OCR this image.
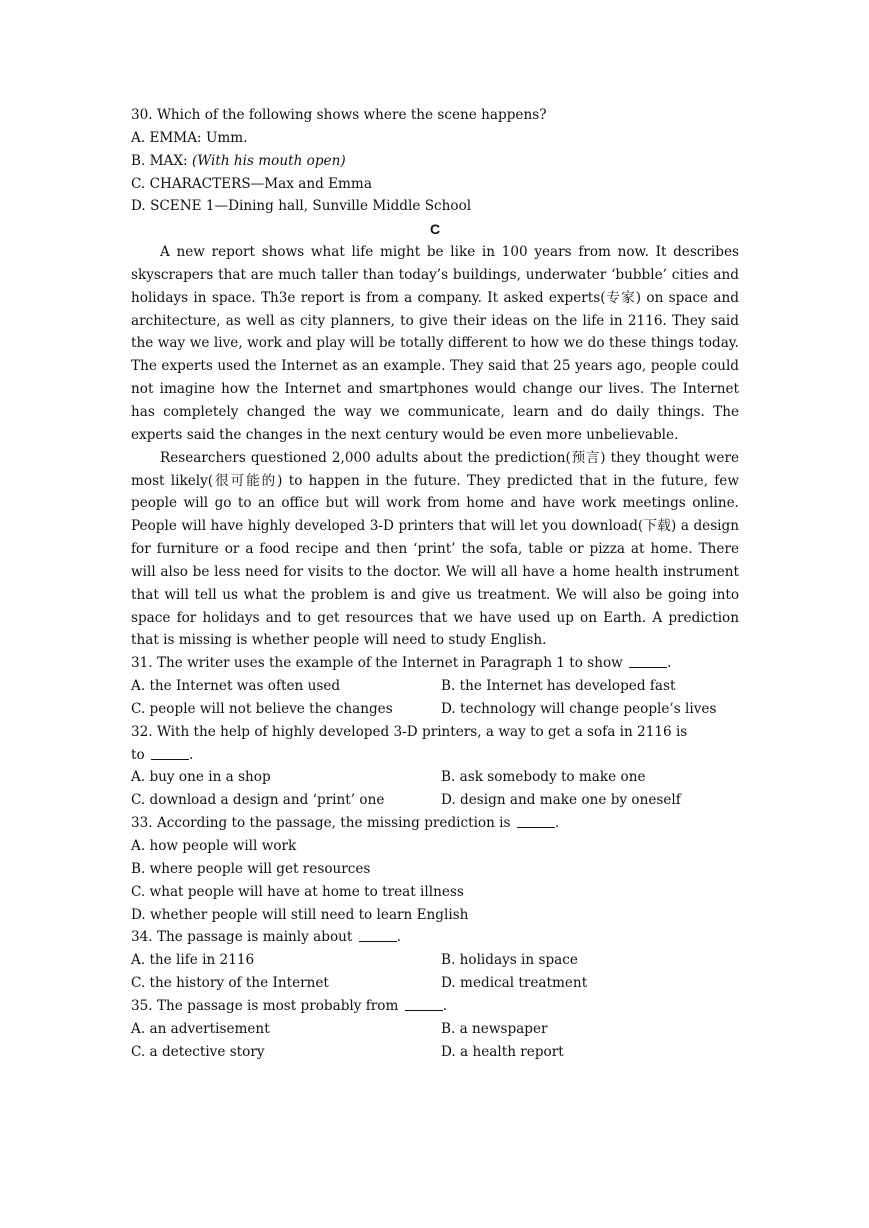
30. Which of the following shows where the scene happens?
A. EMMA: Umm.
B. MAX: (With his mouth open)
C. CHARACTERS—Max and Emma
D. SCENE 1—Dining hall, Sunville Middle School
C

A new report shows what life might be like in 100 years from now. It describes skyscrapers that are much taller than today’s buildings, underwater ‘bubble’ cities and holidays in space. Th3e report is from a company. It asked experts(专家) on space and architecture, as well as city planners, to give their ideas on the life in 2116. They said the way we live, work and play will be totally different to how we do these things today. The experts used the Internet as an example. They said that 25 years ago, people could not imagine how the Internet and smartphones would change our lives. The Internet has completely changed the way we communicate, learn and do daily things. The experts said the changes in the next century would be even more unbelievable.

Researchers questioned 2,000 adults about the prediction(预言) they thought were most likely(很可能的) to happen in the future. They predicted that in the future, few people will go to an office but will work from home and have work meetings online. People will have highly developed 3-D printers that will let you download(下载) a design for furniture or a food recipe and then ‘print’ the sofa, table or pizza at home. There will also be less need for visits to the doctor. We will all have a home health instrument that will tell us what the problem is and give us treatment. We will also be going into space for holidays and to get resources that we have used up on Earth. A prediction that is missing is whether people will need to study English.

31. The writer uses the example of the Internet in Paragraph 1 to show	.
A. the Internet was often used	B. the Internet has developed fast
C. people will not believe the changes	D. technology will change people’s lives
32. With the help of highly developed 3-D printers, a way to get a sofa in 2116 is
to	.
A. buy one in a shop	B. ask somebody to make one
C. download a design and ‘print’ one	D. design and make one by oneself
33. According to the passage, the missing prediction is	.
A. how people will work
B. where people will get resources
C. what people will have at home to treat illness
D. whether people will still need to learn English
34. The passage is mainly about	.
A. the life in 2116	B. holidays in space
C. the history of the Internet	D. medical treatment
35. The passage is most probably from	.
A. an advertisement	B. a newspaper
C. a detective story	D. a health report
